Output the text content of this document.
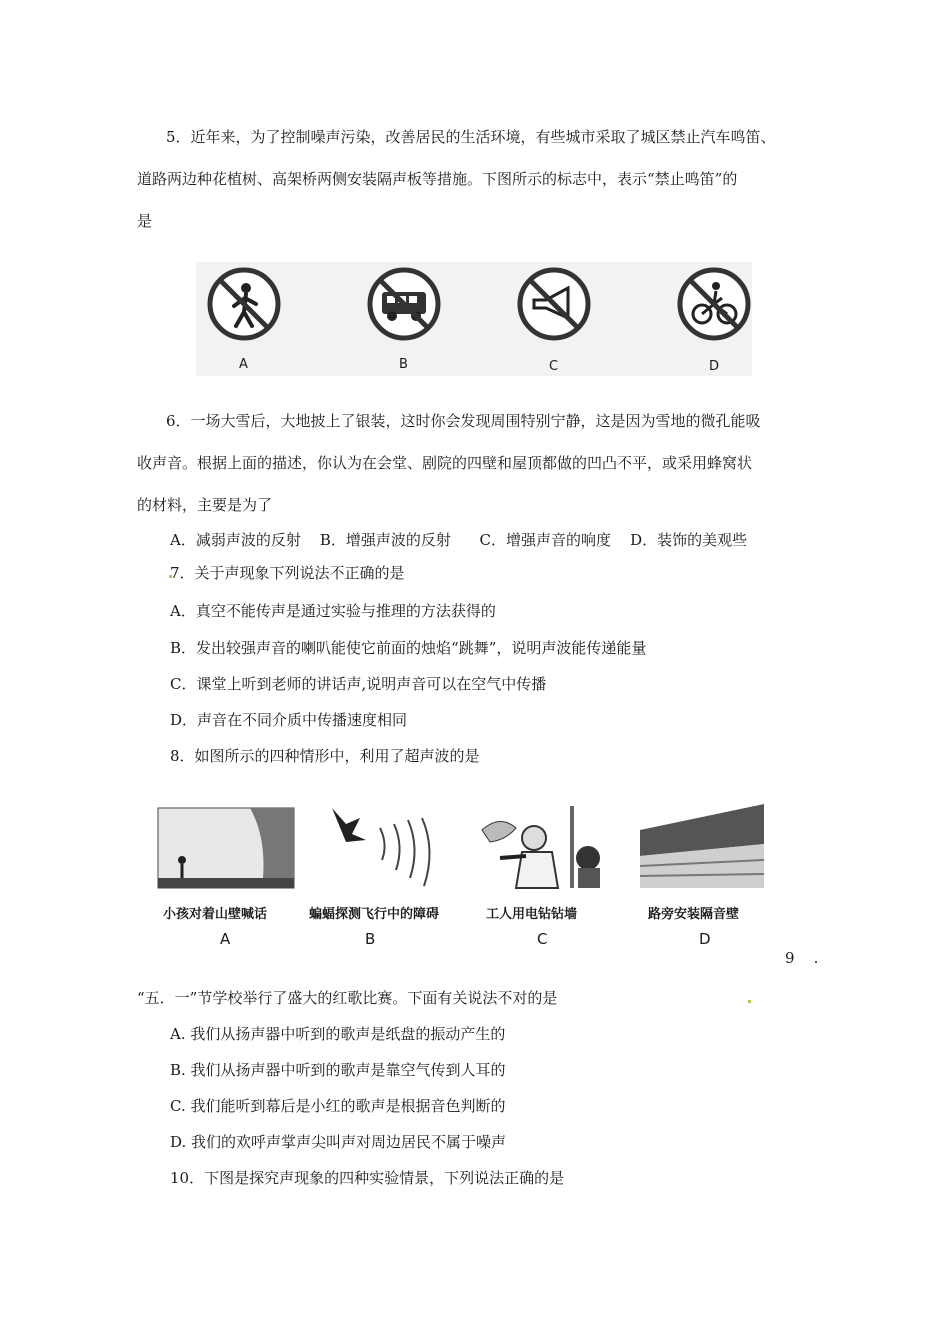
5．近年来，为了控制噪声污染，改善居民的生活环境，有些城市采取了城区禁止汽车鸣笛、
道路两边种花植树、高架桥两侧安装隔声板等措施。下图所示的标志中，表示“禁止鸣笛”的
是
A	B	C	D
6．一场大雪后，大地披上了银装，这时你会发现周围特别宁静，这是因为雪地的微孔能吸
收声音。根据上面的描述，你认为在会堂、剧院的四壁和屋顶都做的凹凸不平，或采用蜂窝状
的材料，主要是为了
A．减弱声波的反射    B．增强声波的反射      C．增强声音的响度    D．装饰的美观些
7．关于声现象下列说法不正确的是
A．真空不能传声是通过实验与推理的方法获得的
B．发出较强声音的喇叭能使它前面的烛焰“跳舞”，说明声波能传递能量
C．课堂上听到老师的讲话声,说明声音可以在空气中传播
D．声音在不同介质中传播速度相同
8．如图所示的四种情形中，利用了超声波的是
小孩对着山壁喊话	蝙蝠探测飞行中的障碍	工人用电钻钻墙	路旁安装隔音壁
A	B	C	D
9    .
“五．一”节学校举行了盛大的红歌比赛。下面有关说法不对的是
A. 我们从扬声器中听到的歌声是纸盘的振动产生的
B. 我们从扬声器中听到的歌声是靠空气传到人耳的
C. 我们能听到幕后是小红的歌声是根据音色判断的
D. 我们的欢呼声掌声尖叫声对周边居民不属于噪声
10．下图是探究声现象的四种实验情景，下列说法正确的是
